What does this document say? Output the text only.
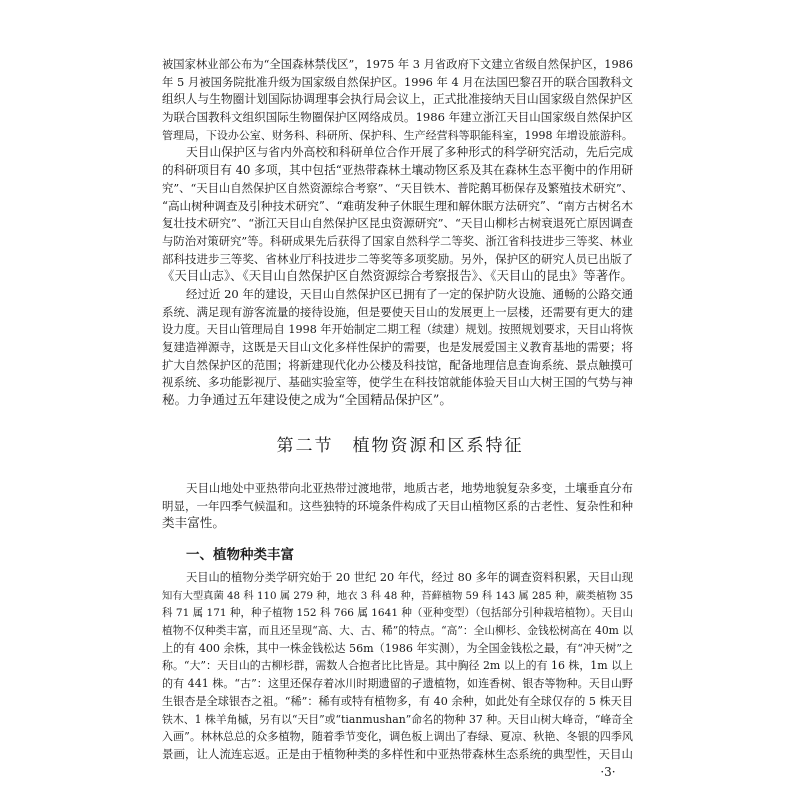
被国家林业部公布为“全国森林禁伐区”，1975 年 3 月省政府下文建立省级自然保护区，1986
年 5 月被国务院批准升级为国家级自然保护区。1996 年 4 月在法国巴黎召开的联合国教科文
组织人与生物圈计划国际协调理事会执行局会议上，正式批准接纳天目山国家级自然保护区
为联合国教科文组织国际生物圈保护区网络成员。1986 年建立浙江天目山国家级自然保护区
管理局，下设办公室、财务科、科研所、保护科、生产经营科等职能科室，1998 年增设旅游科。
天目山保护区与省内外高校和科研单位合作开展了多种形式的科学研究活动，先后完成
的科研项目有 40 多项，其中包括“亚热带森林土壤动物区系及其在森林生态平衡中的作用研
究”、“天目山自然保护区自然资源综合考察”、“天目铁木、普陀鹅耳枥保存及繁殖技术研究”、
“高山树种调查及引种技术研究”、“难萌发种子休眠生理和解休眠方法研究”、“南方古树名木
复壮技术研究”、“浙江天目山自然保护区昆虫资源研究”、“天目山柳杉古树衰退死亡原因调查
与防治对策研究”等。科研成果先后获得了国家自然科学二等奖、浙江省科技进步三等奖、林业
部科技进步三等奖、省林业厅科技进步二等奖等多项奖励。另外，保护区的研究人员已出版了
《天目山志》、《天目山自然保护区自然资源综合考察报告》、《天目山的昆虫》等著作。
经过近 20 年的建设，天目山自然保护区已拥有了一定的保护防火设施、通畅的公路交通
系统、满足现有游客流量的接待设施，但是要使天目山的发展更上一层楼，还需要有更大的建
设力度。天目山管理局自 1998 年开始制定二期工程（续建）规划。按照规划要求，天目山将恢
复建造禅源寺，这既是天目山文化多样性保护的需要，也是发展爱国主义教育基地的需要；将
扩大自然保护区的范围；将新建现代化办公楼及科技馆，配备地理信息查询系统、景点触摸可
视系统、多功能影视厅、基础实验室等，使学生在科技馆就能体验天目山大树王国的气势与神
秘。力争通过五年建设使之成为“全国精品保护区”。
第二节　植物资源和区系特征
天目山地处中亚热带向北亚热带过渡地带，地质古老，地势地貌复杂多变，土壤垂直分布
明显，一年四季气候温和。这些独特的环境条件构成了天目山植物区系的古老性、复杂性和种
类丰富性。
一、植物种类丰富
天目山的植物分类学研究始于 20 世纪 20 年代，经过 80 多年的调查资料积累，天目山现
知有大型真菌 48 科 110 属 279 种，地衣 3 科 48 种，苔藓植物 59 科 143 属 285 种，蕨类植物 35
科 71 属 171 种，种子植物 152 科 766 属 1641 种（亚种变型）（包括部分引种栽培植物）。天目山
植物不仅种类丰富，而且还呈现“高、大、古、稀”的特点。“高”：全山柳杉、金钱松树高在 40m 以
上的有 400 余株，其中一株金钱松达 56m（1986 年实测），为全国金钱松之最，有“冲天树”之
称。“大”：天目山的古柳杉群，需数人合抱者比比皆是。其中胸径 2m 以上的有 16 株，1m 以上
的有 441 株。“古”：这里还保存着冰川时期遗留的孑遗植物，如连香树、银杏等物种。天目山野
生银杏是全球银杏之祖。“稀”：稀有或特有植物多，有 40 余种，如此处有全球仅存的 5 株天目
铁木、1 株羊角槭，另有以“天目”或“tianmushan”命名的物种 37 种。天目山树大峰奇，“峰奇全
入画”。林林总总的众多植物，随着季节变化，调色板上调出了春绿、夏凉、秋艳、冬银的四季风
景画，让人流连忘返。正是由于植物种类的多样性和中亚热带森林生态系统的典型性，天目山
·3·
